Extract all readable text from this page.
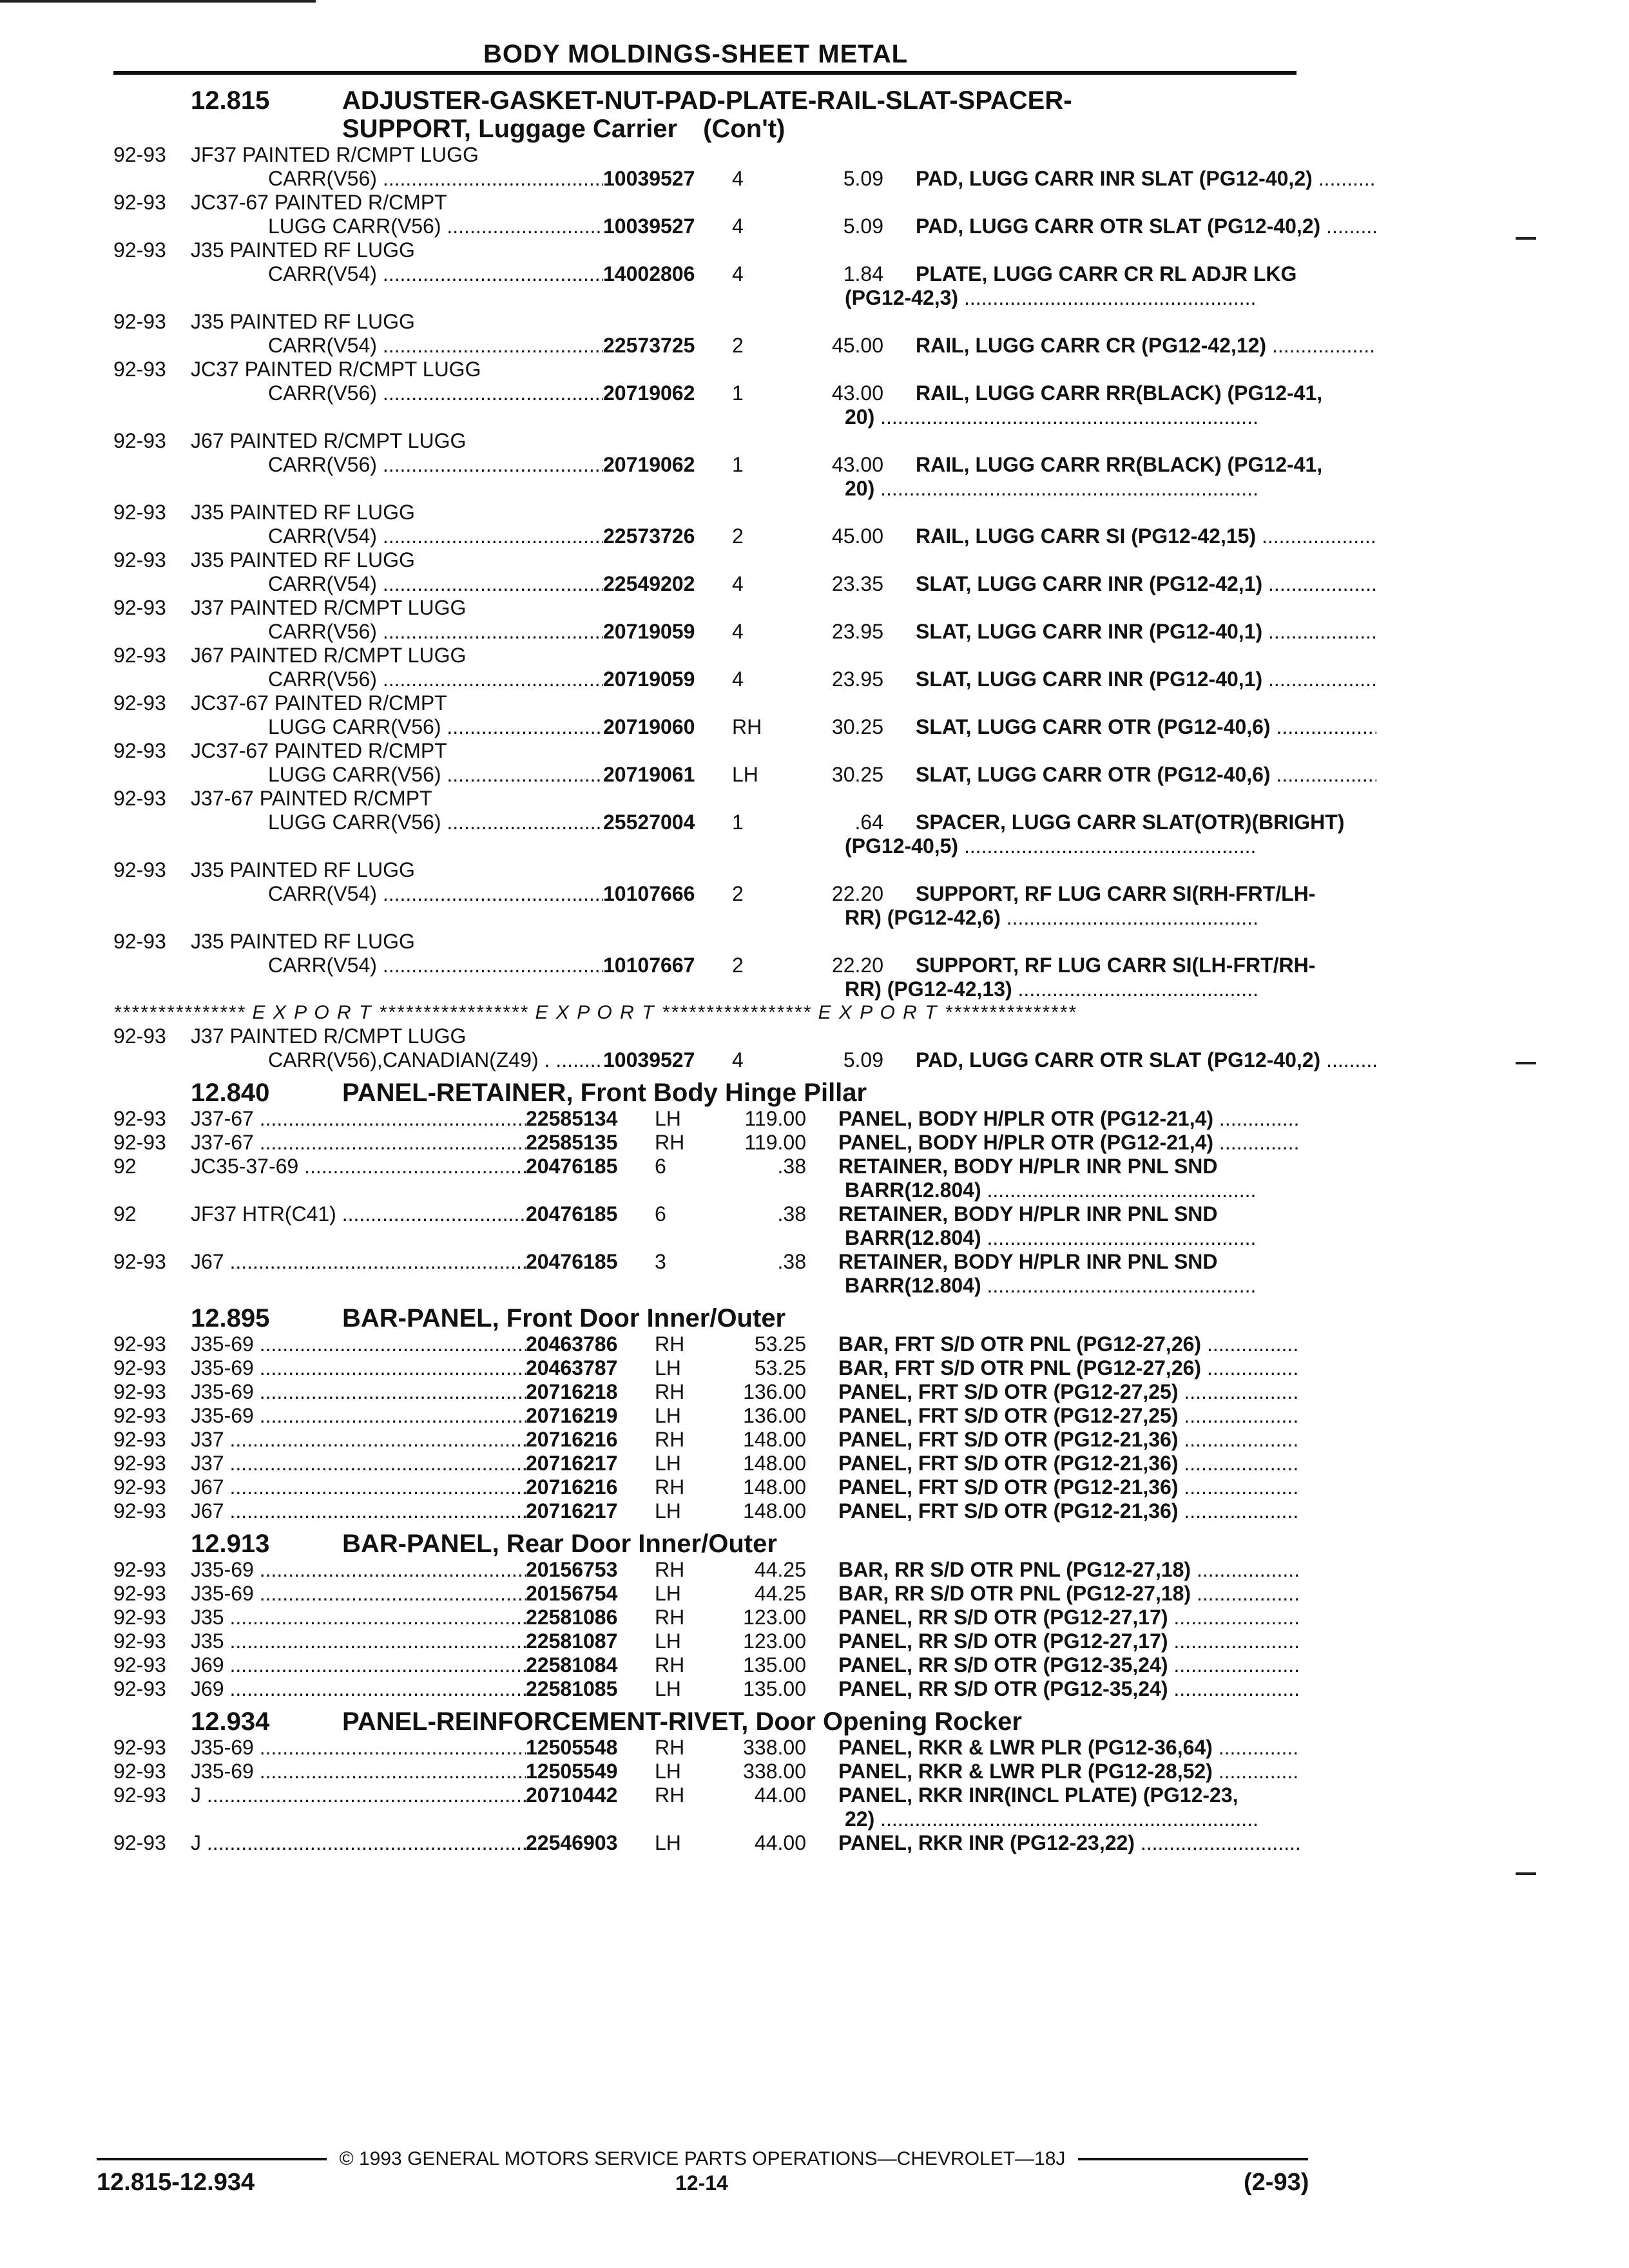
BODY MOLDINGS-SHEET METAL
12.815	ADJUSTER-GASKET-NUT-PAD-PLATE-RAIL-SLAT-SPACER-
SUPPORT, Luggage Carrier (Con't)
92-93	JF37 PAINTED R/CMPT LUGG
CARR(V56) .....	10039527	4	5.09	PAD, LUGG CARR INR SLAT (PG12-40,2) .....
92-93	JC37-67 PAINTED R/CMPT
LUGG CARR(V56) .....	10039527	4	5.09	PAD, LUGG CARR OTR SLAT (PG12-40,2) .....
92-93	J35 PAINTED RF LUGG
CARR(V54) .....	14002806	4	1.84	PLATE, LUGG CARR CR RL ADJR LKG
(PG12-42,3) .....
92-93	J35 PAINTED RF LUGG
CARR(V54) .....	22573725	2	45.00	RAIL, LUGG CARR CR (PG12-42,12) .....
92-93	JC37 PAINTED R/CMPT LUGG
CARR(V56) .....	20719062	1	43.00	RAIL, LUGG CARR RR(BLACK) (PG12-41,
20) .....
92-93	J67 PAINTED R/CMPT LUGG
CARR(V56) .....	20719062	1	43.00	RAIL, LUGG CARR RR(BLACK) (PG12-41,
20) .....
92-93	J35 PAINTED RF LUGG
CARR(V54) .....	22573726	2	45.00	RAIL, LUGG CARR SI (PG12-42,15) .....
92-93	J35 PAINTED RF LUGG
CARR(V54) .....	22549202	4	23.35	SLAT, LUGG CARR INR (PG12-42,1) .....
92-93	J37 PAINTED R/CMPT LUGG
CARR(V56) .....	20719059	4	23.95	SLAT, LUGG CARR INR (PG12-40,1) .....
92-93	J67 PAINTED R/CMPT LUGG
CARR(V56) .....	20719059	4	23.95	SLAT, LUGG CARR INR (PG12-40,1) .....
92-93	JC37-67 PAINTED R/CMPT
LUGG CARR(V56) .....	20719060	RH	30.25	SLAT, LUGG CARR OTR (PG12-40,6) .....
92-93	JC37-67 PAINTED R/CMPT
LUGG CARR(V56) .....	20719061	LH	30.25	SLAT, LUGG CARR OTR (PG12-40,6) .....
92-93	J37-67 PAINTED R/CMPT
LUGG CARR(V56) .....	25527004	1	.64	SPACER, LUGG CARR SLAT(OTR)(BRIGHT)
(PG12-40,5) .....
92-93	J35 PAINTED RF LUGG
CARR(V54) .....	10107666	2	22.20	SUPPORT, RF LUG CARR SI(RH-FRT/LH-
RR) (PG12-42,6) .....
92-93	J35 PAINTED RF LUGG
CARR(V54) .....	10107667	2	22.20	SUPPORT, RF LUG CARR SI(LH-FRT/RH-
RR) (PG12-42,13) .....
*************** E X P O R T ***************** E X P O R T ***************** E X P O R T ***************
92-93	J37 PAINTED R/CMPT LUGG
CARR(V56),CANADIAN(Z49) . .....	10039527	4	5.09	PAD, LUGG CARR OTR SLAT (PG12-40,2) .....
12.840	PANEL-RETAINER, Front Body Hinge Pillar
92-93	J37-67 .....	22585134	LH	119.00	PANEL, BODY H/PLR OTR (PG12-21,4) .....
92-93	J37-67 .....	22585135	RH	119.00	PANEL, BODY H/PLR OTR (PG12-21,4) .....
92	JC35-37-69 .....	20476185	6	.38	RETAINER, BODY H/PLR INR PNL SND
BARR(12.804) .....
92	JF37 HTR(C41) .....	20476185	6	.38	RETAINER, BODY H/PLR INR PNL SND
BARR(12.804) .....
92-93	J67 .....	20476185	3	.38	RETAINER, BODY H/PLR INR PNL SND
BARR(12.804) .....
12.895	BAR-PANEL, Front Door Inner/Outer
92-93	J35-69 .....	20463786	RH	53.25	BAR, FRT S/D OTR PNL (PG12-27,26) .....
92-93	J35-69 .....	20463787	LH	53.25	BAR, FRT S/D OTR PNL (PG12-27,26) .....
92-93	J35-69 .....	20716218	RH	136.00	PANEL, FRT S/D OTR (PG12-27,25) .....
92-93	J35-69 .....	20716219	LH	136.00	PANEL, FRT S/D OTR (PG12-27,25) .....
92-93	J37 .....	20716216	RH	148.00	PANEL, FRT S/D OTR (PG12-21,36) .....
92-93	J37 .....	20716217	LH	148.00	PANEL, FRT S/D OTR (PG12-21,36) .....
92-93	J67 .....	20716216	RH	148.00	PANEL, FRT S/D OTR (PG12-21,36) .....
92-93	J67 .....	20716217	LH	148.00	PANEL, FRT S/D OTR (PG12-21,36) .....
12.913	BAR-PANEL, Rear Door Inner/Outer
92-93	J35-69 .....	20156753	RH	44.25	BAR, RR S/D OTR PNL (PG12-27,18) .....
92-93	J35-69 .....	20156754	LH	44.25	BAR, RR S/D OTR PNL (PG12-27,18) .....
92-93	J35 .....	22581086	RH	123.00	PANEL, RR S/D OTR (PG12-27,17) .....
92-93	J35 .....	22581087	LH	123.00	PANEL, RR S/D OTR (PG12-27,17) .....
92-93	J69 .....	22581084	RH	135.00	PANEL, RR S/D OTR (PG12-35,24) .....
92-93	J69 .....	22581085	LH	135.00	PANEL, RR S/D OTR (PG12-35,24) .....
12.934	PANEL-REINFORCEMENT-RIVET, Door Opening Rocker
92-93	J35-69 .....	12505548	RH	338.00	PANEL, RKR & LWR PLR (PG12-36,64) .....
92-93	J35-69 .....	12505549	LH	338.00	PANEL, RKR & LWR PLR (PG12-28,52) .....
92-93	J .....	20710442	RH	44.00	PANEL, RKR INR(INCL PLATE) (PG12-23,
22) .....
92-93	J .....	22546903	LH	44.00	PANEL, RKR INR (PG12-23,22) .....
© 1993 GENERAL MOTORS SERVICE PARTS OPERATIONS—CHEVROLET—18J
12.815-12.934	12-14	(2-93)
